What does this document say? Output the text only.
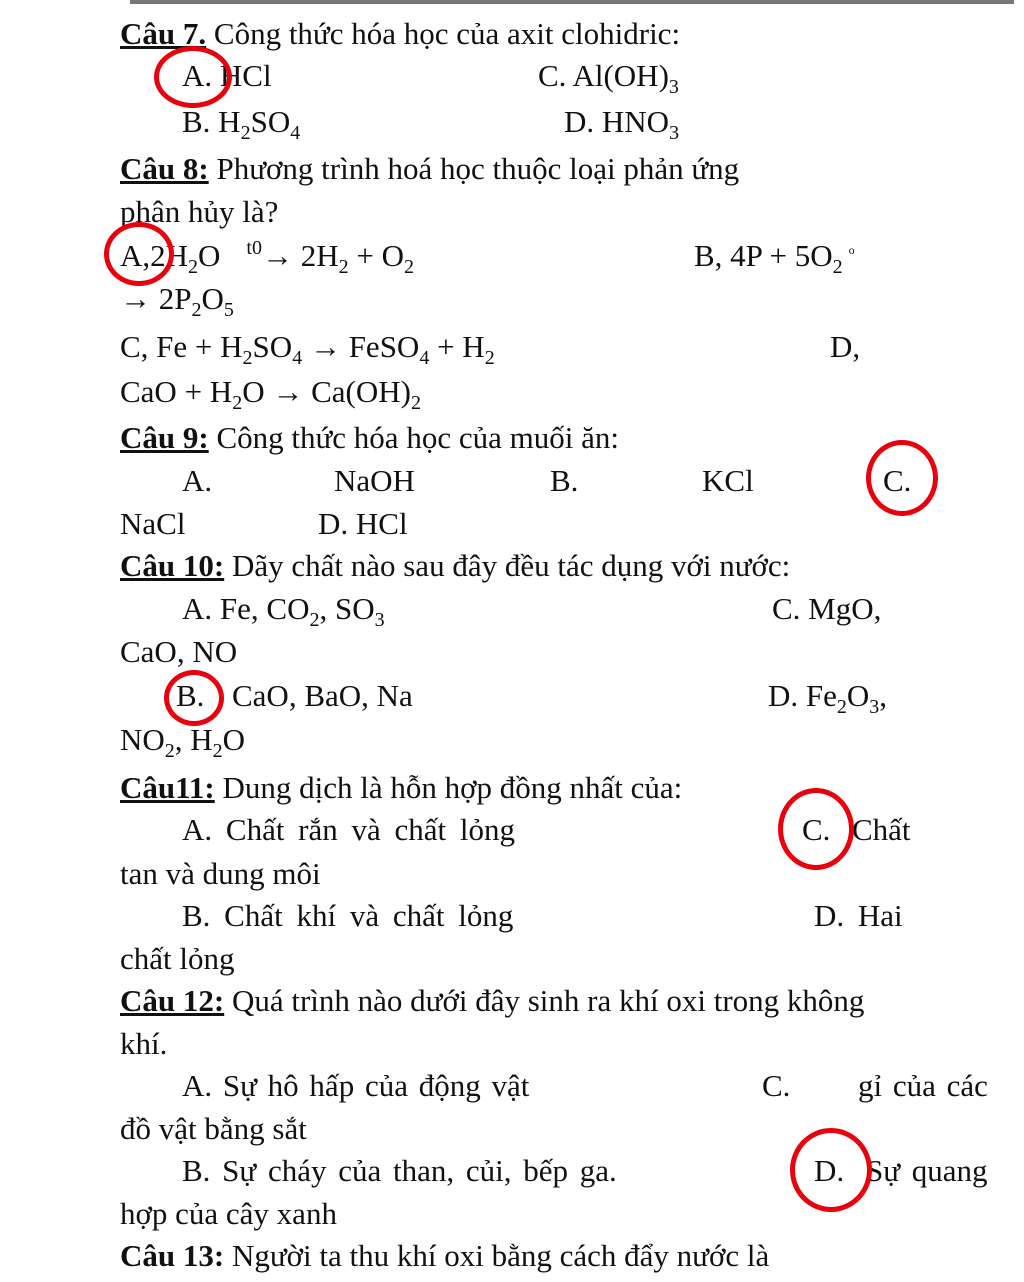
Câu 7. Công thức hóa học của axit clohidric:
A. HCl	C. $Al(OH)_3$
B. $H_2SO_4$	D. $HNO_3$
Câu 8: Phương trình hoá học thuộc loại phản ứng
phân hủy là?
$A,2H_2O$ $^{t0}\to 2H_2 + O_2$	B, $4P + 5O_2^o$
→ $2P_2O_5$
C, $Fe + H_2SO_4$ → FeSO$_4$ + $H_2$	D,
CaO + $H_2O \to Ca(OH)_2$
Câu 9: Công thức hóa học của muối ăn:
A.	NaOH	B.	KCl	C.
NaCl	D. HCl
Câu 10: Dãy chất nào sau đây đều tác dụng với nước:
A. Fe, $CO_2$, $SO_3$	C. MgO,
CaO, NO
B. CaO, BaO, Na	D. $Fe_2O_3$,
$NO_2$, $H_2O$
Câu11: Dung dịch là hỗn hợp đồng nhất của:
A. Chất rắn và chất lỏng	C. Chất
tan và dung môi
B. Chất khí và chất lỏng	D. Hai
chất lỏng
Câu 12: Quá trình nào dưới đây sinh ra khí oxi trong không
khí.
A. Sự hô hấp của động vật	C. gỉ của các
đồ vật bằng sắt
B. Sự cháy của than, củi, bếp ga.	D. Sự quang
hợp của cây xanh
Câu 13: Người ta thu khí oxi bằng cách đẩy nước là
